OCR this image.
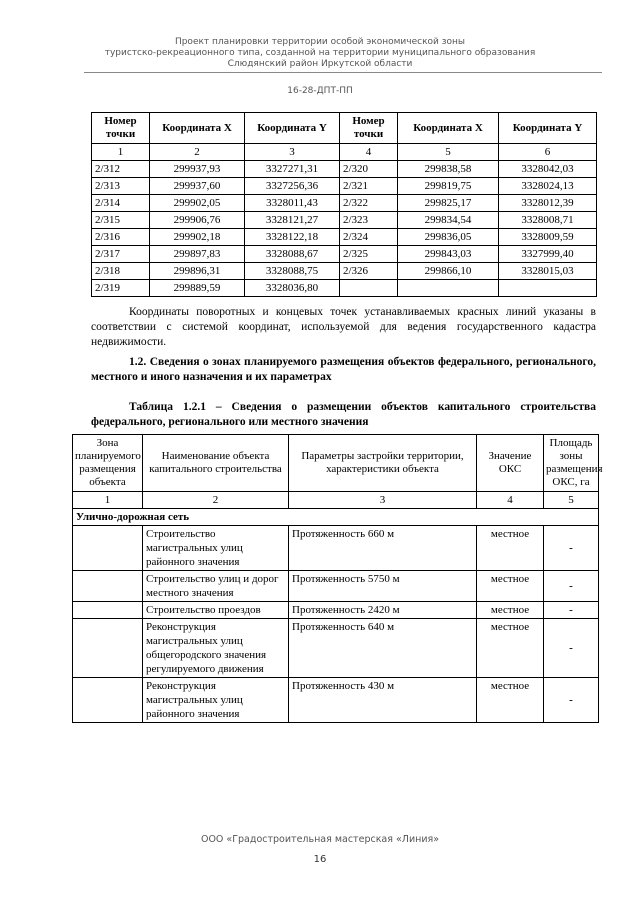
Проект планировки территории особой экономической зоны
туристско-рекреационного типа, созданной на территории муниципального образования
Слюдянский район Иркутской области
16-28-ДПТ-ПП
Номер точки	Координата X	Координата Y	Номер точки	Координата X	Координата Y
1	2	3	4	5	6
2/312	299937,93	3327271,31	2/320	299838,58	3328042,03
2/313	299937,60	3327256,36	2/321	299819,75	3328024,13
2/314	299902,05	3328011,43	2/322	299825,17	3328012,39
2/315	299906,76	3328121,27	2/323	299834,54	3328008,71
2/316	299902,18	3328122,18	2/324	299836,05	3328009,59
2/317	299897,83	3328088,67	2/325	299843,03	3327999,40
2/318	299896,31	3328088,75	2/326	299866,10	3328015,03
2/319	299889,59	3328036,80			
Координаты поворотных и концевых точек устанавливаемых красных линий указаны в соответствии с системой координат, используемой для ведения государственного кадастра недвижимости.
1.2. Сведения о зонах планируемого размещения объектов федерального, регионального, местного и иного назначения и их параметрах
Таблица 1.2.1 – Сведения о размещении объектов капитального строительства федерального, регионального или местного значения
Зона планируемого размещения объекта	Наименование объекта капитального строительства	Параметры застройки территории, характеристики объекта	Значение ОКС	Площадь зоны размещения ОКС, га
1	2	3	4	5
Улично-дорожная сеть				
	Строительство магистральных улиц районного значения	Протяженность 660 м	местное	-
	Строительство улиц и дорог местного значения	Протяженность 5750 м	местное	-
	Строительство проездов	Протяженность 2420 м	местное	-
	Реконструкция магистральных улиц общегородского значения регулируемого движения	Протяженность 640 м	местное	-
	Реконструкция магистральных улиц районного значения	Протяженность 430 м	местное	-
ООО «Градостроительная мастерская «Линия»
16
